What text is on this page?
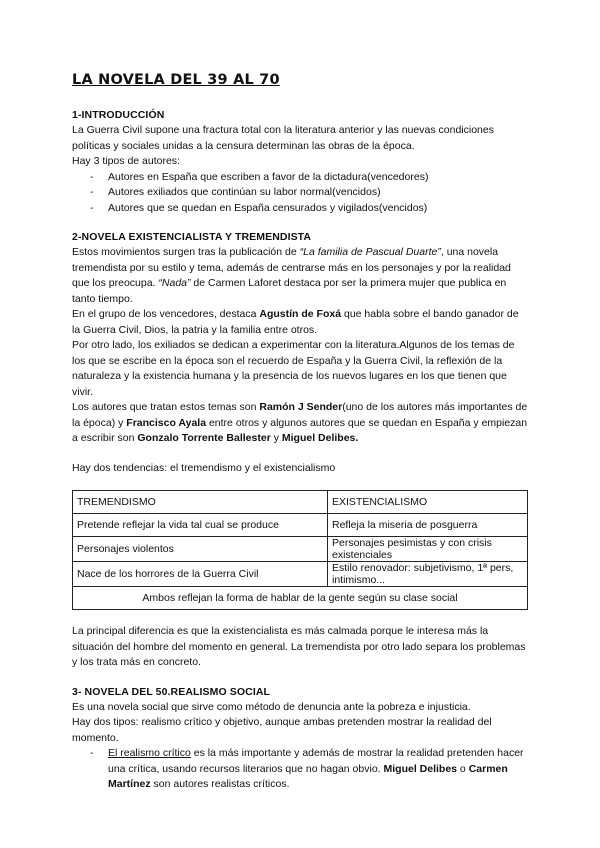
LA NOVELA DEL 39 AL 70
1-INTRODUCCIÓN

La Guerra Civil supone una fractura total con la literatura anterior y las nuevas condiciones políticas y sociales unidas a la censura determinan las obras de la época.

Hay 3 tipos de autores:

- Autores en España que escriben a favor de la dictadura(vencedores)
- Autores exiliados que continúan su labor normal(vencidos)
- Autores que se quedan en España censurados y vigilados(vencidos)
2-NOVELA EXISTENCIALISTA Y TREMENDISTA

Estos movimientos surgen tras la publicación de “La familia de Pascual Duarte”, una novela tremendista por su estilo y tema, además de centrarse más en los personajes y por la realidad que los preocupa. “Nada” de Carmen Laforet destaca por ser la primera mujer que publica en tanto tiempo.

En el grupo de los vencedores, destaca Agustín de Foxá que habla sobre el bando ganador de la Guerra Civil, Dios, la patria y la familia entre otros.

Por otro lado, los exiliados se dedican a experimentar con la literatura.Algunos de los temas de los que se escribe en la época son el recuerdo de España y la Guerra Civil, la reflexión de la naturaleza y la existencia humana y la presencia de los nuevos lugares en los que tienen que vivir.

Los autores que tratan estos temas son Ramón J Sender(uno de los autores más importantes de la época) y Francisco Ayala entre otros y algunos autores que se quedan en España y empiezan a escribir son Gonzalo Torrente Ballester y Miguel Delibes.

Hay dos tendencias: el tremendismo y el existencialismo

TREMENDISMO	EXISTENCIALISMO
Pretende reflejar la vida tal cual se produce	Refleja la miseria de posguerra
Personajes violentos	Personajes pesimistas y con crisis existenciales
Nace de los horrores de la Guerra Civil	Estilo renovador: subjetivismo, 1ª pers, intimismo...
Ambos reflejan la forma de hablar de la gente según su clase social	

La principal diferencia es que la existencialista es más calmada porque le interesa más la situación del hombre del momento en general. La tremendista por otro lado separa los problemas y los trata más en concreto.

3- NOVELA DEL 50.REALISMO SOCIAL

Es una novela social que sirve como método de denuncia ante la pobreza e injusticia.

Hay dos tipos: realismo crítico y objetivo, aunque ambas pretenden mostrar la realidad del momento.

- El realismo crítico es la más importante y además de mostrar la realidad pretenden hacer una crítica, usando recursos literarios que no hagan obvio. Miguel Delibes o Carmen Martínez son autores realistas críticos.
